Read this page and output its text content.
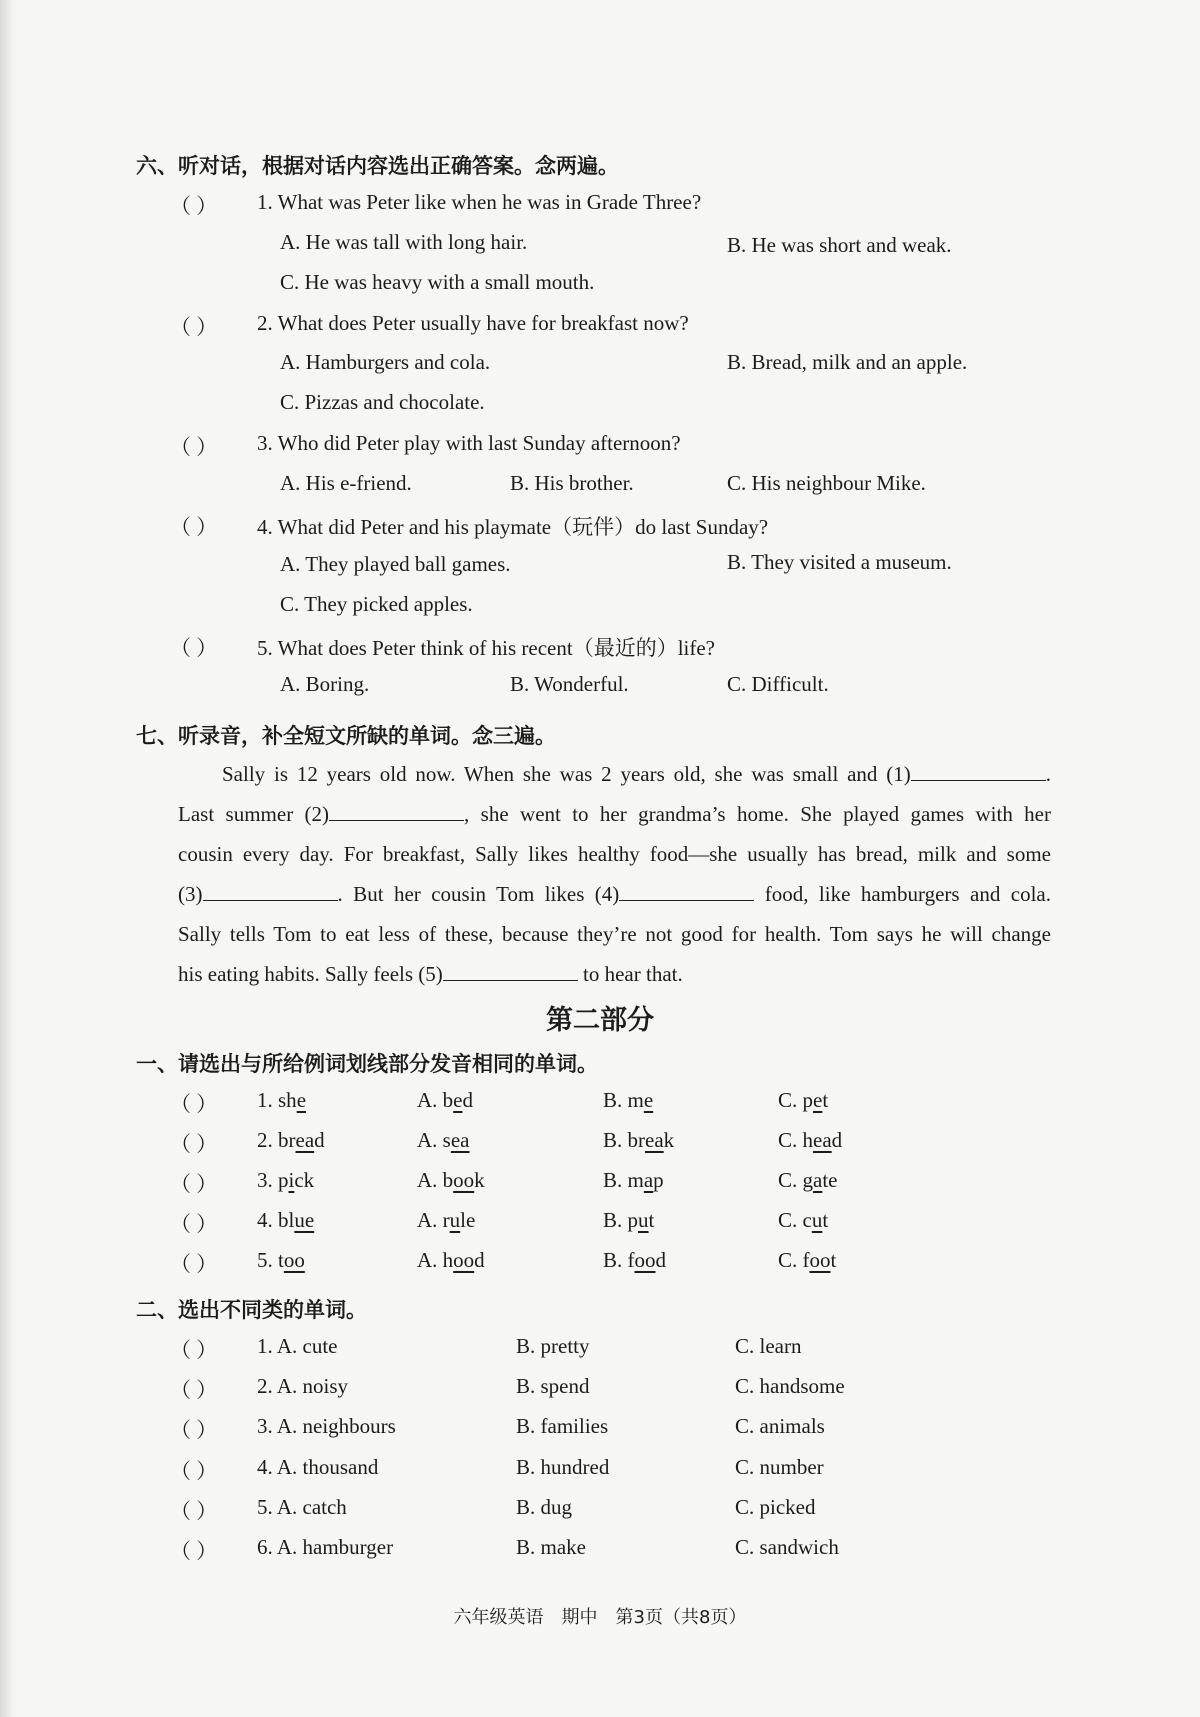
六、听对话，根据对话内容选出正确答案。念两遍。
（ ） 1. What was Peter like when he was in Grade Three?
A. He was tall with long hair.	B. He was short and weak.
C. He was heavy with a small mouth.
（ ） 2. What does Peter usually have for breakfast now?
A. Hamburgers and cola.	B. Bread, milk and an apple.
C. Pizzas and chocolate.
（ ） 3. Who did Peter play with last Sunday afternoon?
A. His e-friend.	B. His brother.	C. His neighbour Mike.
（ ） 4. What did Peter and his playmate（玩伴）do last Sunday?
A. They played ball games.	B. They visited a museum.
C. They picked apples.
（ ） 5. What does Peter think of his recent（最近的）life?
A. Boring.	B. Wonderful.	C. Difficult.
七、听录音，补全短文所缺的单词。念三遍。

Sally is 12 years old now. When she was 2 years old, she was small and (1)	.

Last summer (2)	, she went to her grandma’s home. She played games with her

cousin every day. For breakfast, Sally likes healthy food—she usually has bread, milk and some

(3)	. But her cousin Tom likes (4)	food, like hamburgers and cola.

Sally tells Tom to eat less of these, because they’re not good for health. Tom says he will change

his eating habits. Sally feels (5)	to hear that.

第二部分
一、请选出与所给例词划线部分发音相同的单词。
（ ） 1. she	A. bed	B. me	C. pet
（ ） 2. bread	A. sea	B. break	C. head
（ ） 3. pick	A. book	B. map	C. gate
（ ） 4. blue	A. rule	B. put	C. cut
（ ） 5. too	A. hood	B. food	C. foot
二、选出不同类的单词。
（ ） 1. A. cute	B. pretty	C. learn
（ ） 2. A. noisy	B. spend	C. handsome
（ ） 3. A. neighbours	B. families	C. animals
（ ） 4. A. thousand	B. hundred	C. number
（ ） 5. A. catch	B. dug	C. picked
（ ） 6. A. hamburger	B. make	C. sandwich
六年级英语　期中　第3页（共8页）
